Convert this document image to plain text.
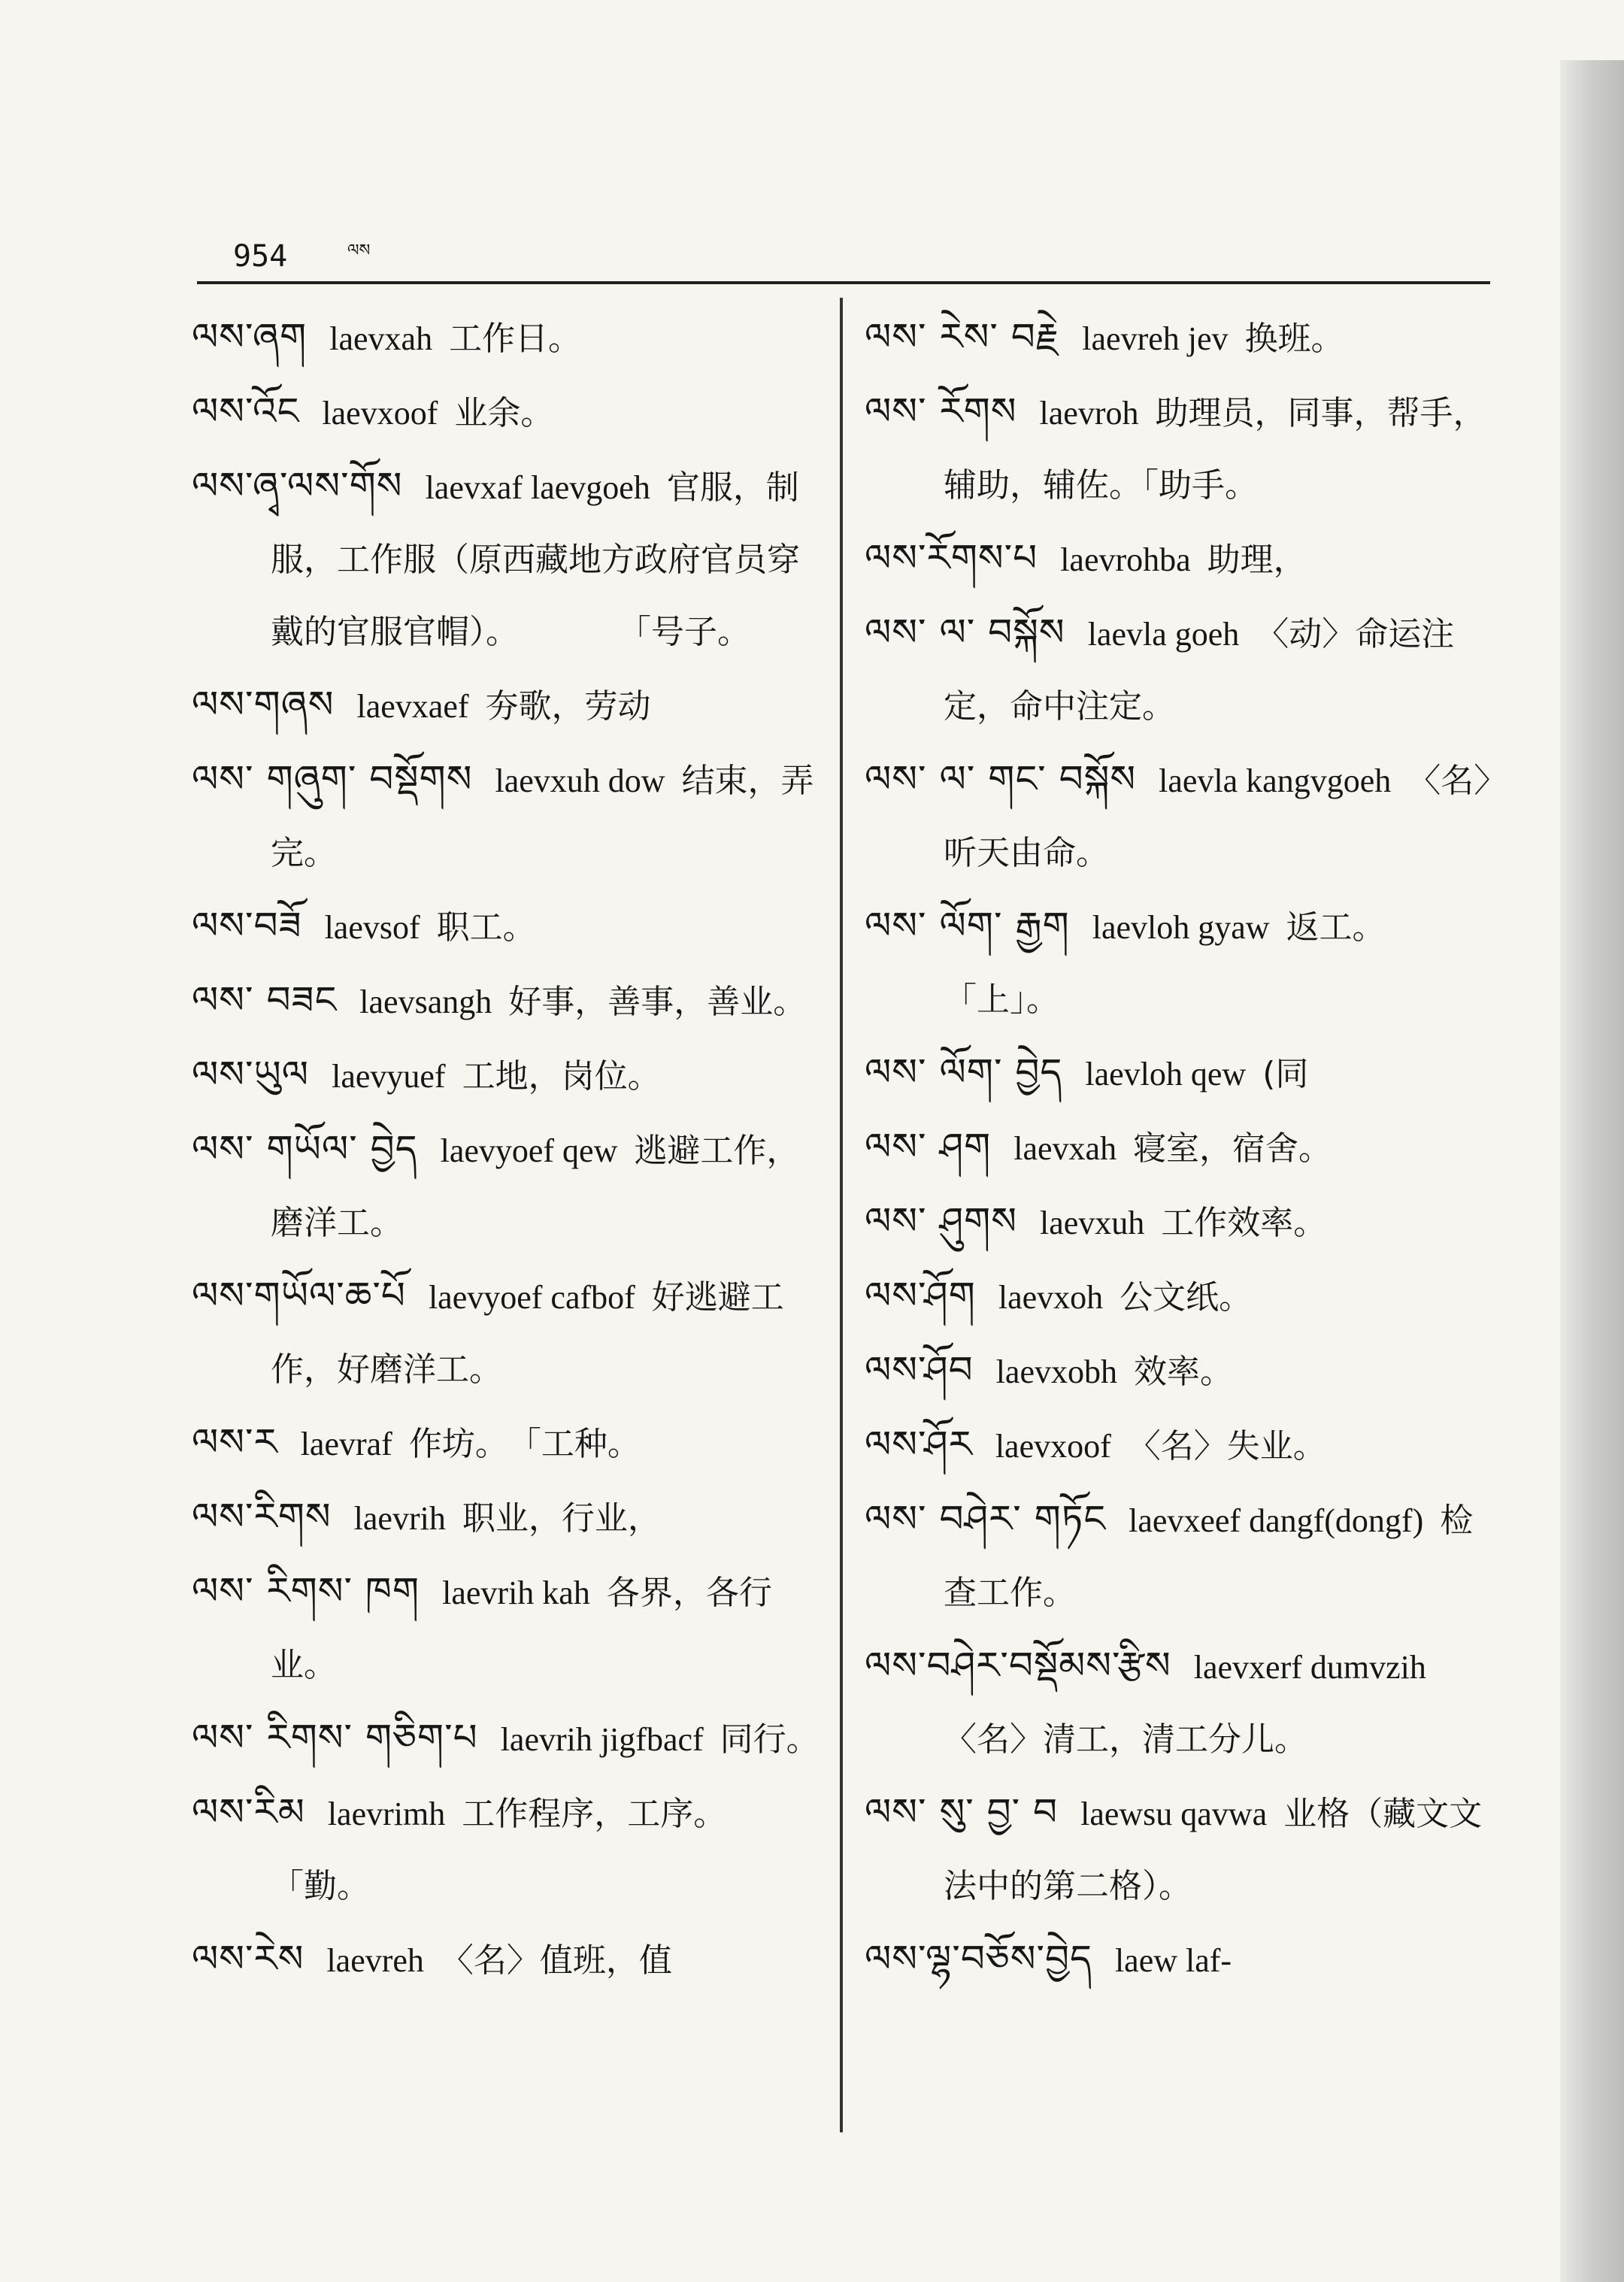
954	ལས

ལས་ཞག laevxah 工作日。

ལས་འོང laevxoof 业余。

ལས་ཞྭ་ལས་གོས laevxaf laevgoeh 官服，制服，工作服（原西藏地方政府官员穿戴的官服官帽）。　　　　「号子。

ལས་གཞས laevxaef 夯歌，劳动

ལས་ གཞུག་ བསྡོགས laevxuh dow 结束，弄完。

ལས་བཟོ laevsof 职工。

ལས་ བཟང laevsangh 好事，善事，善业。

ལས་ཡུལ laevyuef 工地，岗位。

ལས་ གཡོལ་ བྱེད laevyoef qew 逃避工作，磨洋工。

ལས་གཡོལ་ཆ་པོ laevyoef cafbof 好逃避工作，好磨洋工。

ལས་ར laevraf 作坊。　「工种。

ལས་རིགས laevrih 职业，行业，

ལས་ རིགས་ ཁག laevrih kah 各界，各行业。

ལས་ རིགས་ གཅིག་པ laevrih jigfbacf 同行。

ལས་རིམ laevrimh 工作程序，工序。　　　　　　「勤。

ལས་རེས laevreh 〈名〉值班，值

ལས་ རེས་ བརྗེ laevreh jev 换班。

ལས་ རོགས laevroh 助理员，同事，帮手，辅助，辅佐。「助手。

ལས་རོགས་པ laevrohba 助理，

ལས་ ལ་ བསྐོས laevla goeh 〈动〉命运注定，命中注定。

ལས་ ལ་ གང་ བསྐོས laevla kangvgoeh 〈名〉听天由命。

ལས་ ལོག་ རྒྱག laevloh gyaw 返工。　　　　　「上」。

ལས་ ལོག་ བྱེད laevloh qew (同

ལས་ ཤག laevxah 寝室，宿舍。

ལས་ ཤུགས laevxuh 工作效率。

ལས་ཤོག laevxoh 公文纸。

ལས་ཤོབ laevxobh 效率。

ལས་ཤོར laevxoof 〈名〉失业。

ལས་ བཤེར་ གཏོང laevxeef dangf(dongf) 检查工作。

ལས་བཤེར་བསྡོམས་རྩིས laevxerf dumvzih〈名〉清工，清工分儿。

ལས་ སུ་ བྱ་ བ laewsu qavwa 业格（藏文文法中的第二格）。

ལས་ལྷ་བཅོས་བྱེད laew laf-
